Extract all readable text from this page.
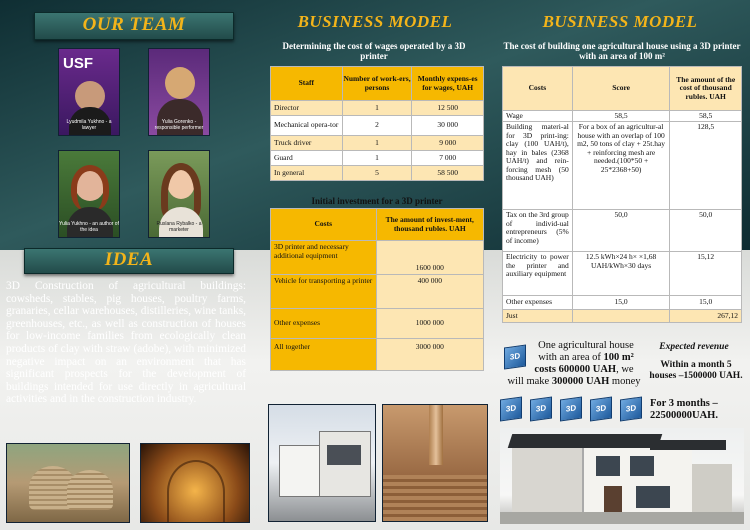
OUR TEAM
USF
Lyudmila Yukhno - a lawyer
Yulia Gorenko - responsible performer
Yulia Yukhno - an author of the idea
Ruslana Rybalko - a marketer
IDEA
3D Construction of agricultural buildings: cowsheds, stables, pig houses, poultry farms, granaries, cellar warehouses, distilleries, wine tanks, greenhouses, etc., as well as construction of houses for low-income families from ecologically clean products of clay with straw (adobe), with minimized negative impact on an environment that has significant prospects for the development of buildings intended for use directly in agricultural activities and in the construction industry.
BUSINESS MODEL
Determining the cost of wages operated by a 3D printer
Staff	Number of work-ers, persons	Monthly expens-es for wages, UAH
Director	1	12 500
Mechanical opera-tor	2	30 000
Truck driver	1	9 000
Guard	1	7 000
In general	5	58 500
Initial investment for a 3D printer
Costs	The amount of invest-ment, thousand rubles. UAH
3D printer and necessary additional equipment	1600 000
Vehicle for transporting a printer	400 000
Other expenses	1000 000
All together	3000 000
BUSINESS MODEL
The cost of building one agricultural house using a 3D printer with an area of 100 m²
Costs	Score	The amount of the cost of thousand rubles. UAH
Wage	58,5	58,5
Building materi-al for 3D print-ing: clay (100 UAH/t), hay in bales (2368 UAH/t) and rein-forcing mesh (50 thousand UAH)	For a box of an agricultur-al house with an overlap of 100 m2, 50 tons of clay + 25t.hay + reinforcing mesh are needed.(100*50 + 25*2368+50)	128,5
Tax on the 3rd group of individ-ual entrepreneurs (5% of income)	50,0	50,0
Electricity to power the printer and auxiliary equipment	12.5 kWh×24 h× ×1,68 UAH/kWh×30 days	15,12
Other expenses	15,0	15,0
Just		267,12
3D
One agricultural house
with an area of 100 m²
costs 600000 UAH, we
will make 300000 UAH money
Expected revenue
Within a month 5 houses –1500000 UAH.
3D	3D	3D	3D	3D	For 3 months – 22500000UAH.
